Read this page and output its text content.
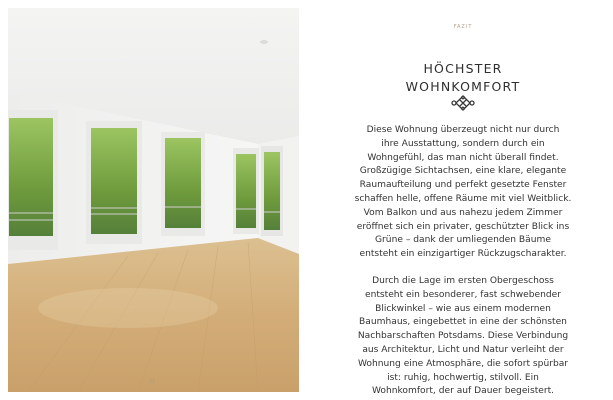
21
FAZIT
HÖCHSTER
WOHNKOMFORT

Diese Wohnung überzeugt nicht nur durch
ihre Ausstattung, sondern durch ein
Wohngefühl, das man nicht überall findet.
Großzügige Sichtachsen, eine klare, elegante
Raumaufteilung und perfekt gesetzte Fenster
schaffen helle, offene Räume mit viel Weitblick.
Vom Balkon und aus nahezu jedem Zimmer
eröffnet sich ein privater, geschützter Blick ins
Grüne – dank der umliegenden Bäume
entsteht ein einzigartiger Rückzugscharakter.

Durch die Lage im ersten Obergeschoss
entsteht ein besonderer, fast schwebender
Blickwinkel – wie aus einem modernen
Baumhaus, eingebettet in eine der schönsten
Nachbarschaften Potsdams. Diese Verbindung
aus Architektur, Licht und Natur verleiht der
Wohnung eine Atmosphäre, die sofort spürbar
ist: ruhig, hochwertig, stilvoll. Ein
Wohnkomfort, der auf Dauer begeistert.
